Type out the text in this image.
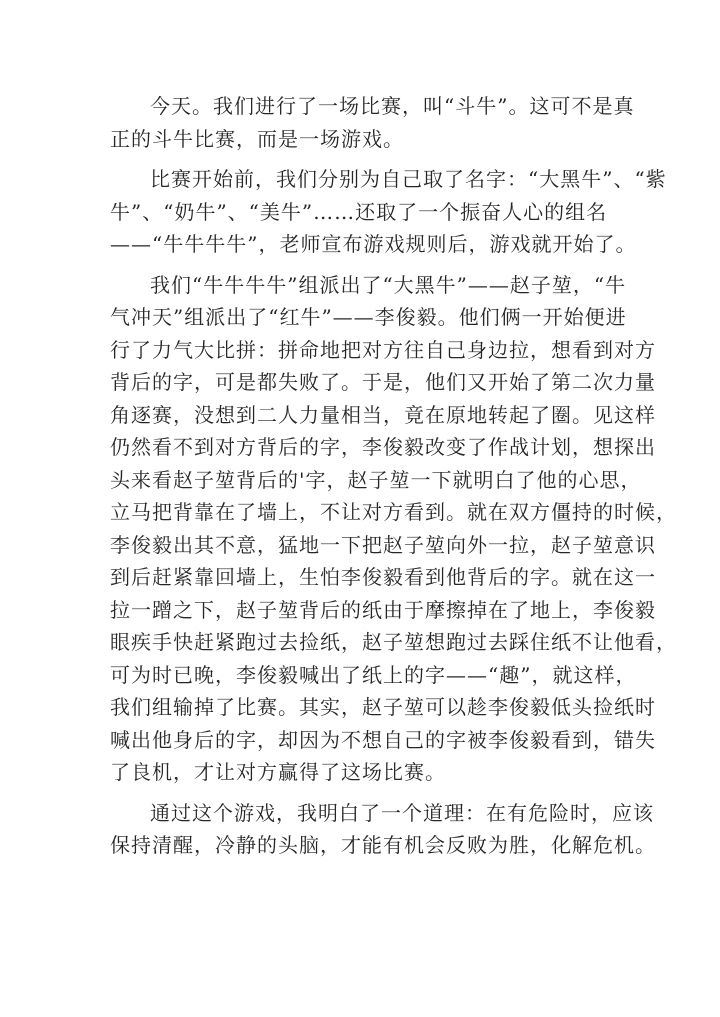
今天。我们进行了一场比赛，叫“斗牛”。这可不是真
正的斗牛比赛，而是一场游戏。
比赛开始前，我们分别为自己取了名字：“大黑牛”、“紫
牛”、“奶牛”、“美牛”……还取了一个振奋人心的组名
——“牛牛牛牛”，老师宣布游戏规则后，游戏就开始了。
我们“牛牛牛牛”组派出了“大黑牛”——赵子堃，“牛
气冲天”组派出了“红牛”——李俊毅。他们俩一开始便进
行了力气大比拼：拼命地把对方往自己身边拉，想看到对方
背后的字，可是都失败了。于是，他们又开始了第二次力量
角逐赛，没想到二人力量相当，竟在原地转起了圈。见这样
仍然看不到对方背后的字，李俊毅改变了作战计划，想探出
头来看赵子堃背后的'字，赵子堃一下就明白了他的心思，
立马把背靠在了墙上，不让对方看到。就在双方僵持的时候，
李俊毅出其不意，猛地一下把赵子堃向外一拉，赵子堃意识
到后赶紧靠回墙上，生怕李俊毅看到他背后的字。就在这一
拉一蹭之下，赵子堃背后的纸由于摩擦掉在了地上，李俊毅
眼疾手快赶紧跑过去捡纸，赵子堃想跑过去踩住纸不让他看，
可为时已晚，李俊毅喊出了纸上的字——“趣”，就这样，
我们组输掉了比赛。其实，赵子堃可以趁李俊毅低头捡纸时
喊出他身后的字，却因为不想自己的字被李俊毅看到，错失
了良机，才让对方赢得了这场比赛。
通过这个游戏，我明白了一个道理：在有危险时，应该
保持清醒，冷静的头脑，才能有机会反败为胜，化解危机。
